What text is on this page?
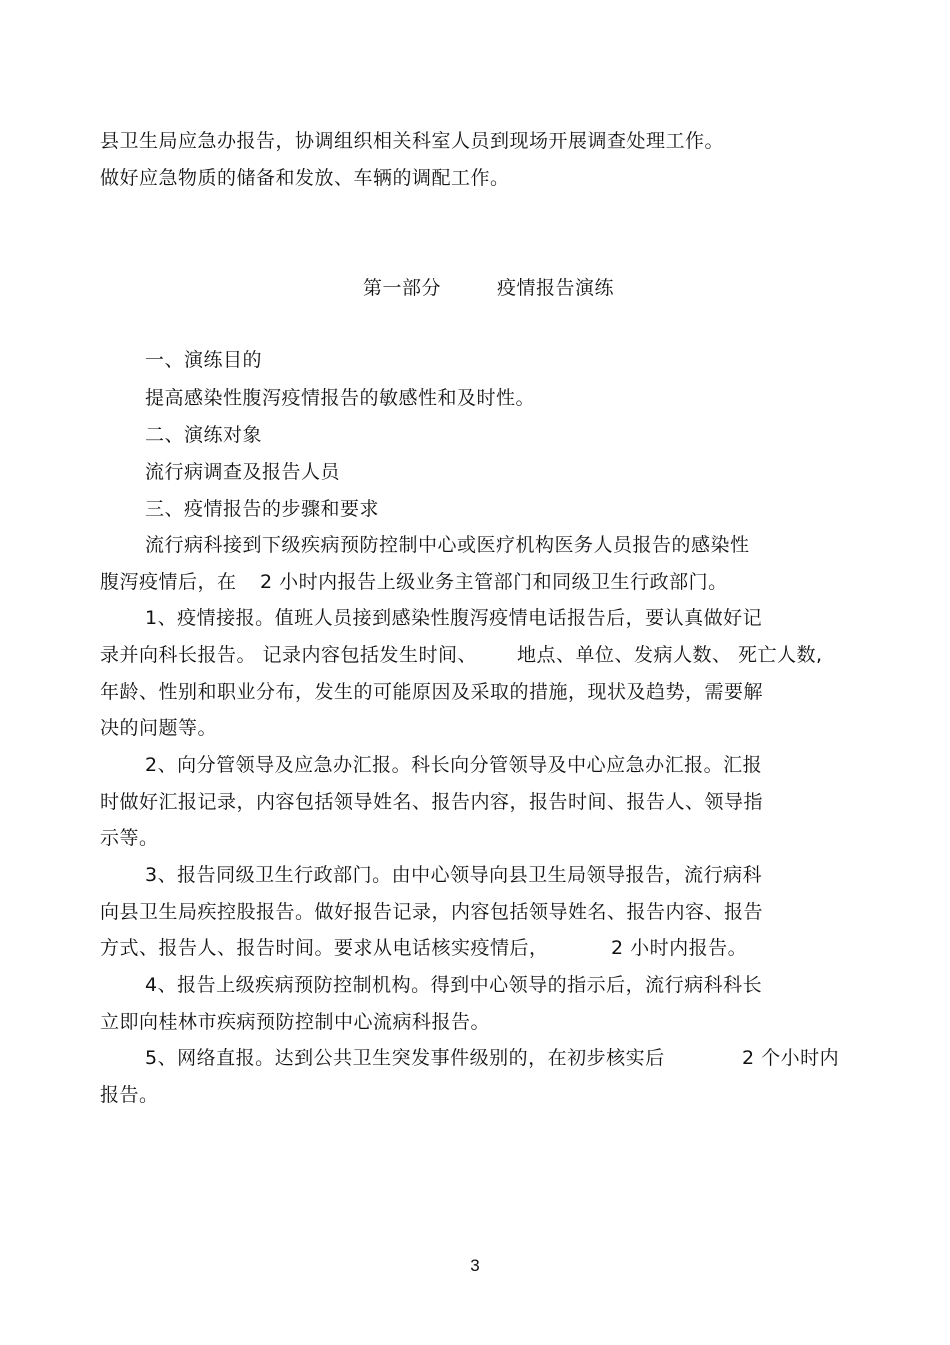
县卫生局应急办报告，协调组织相关科室人员到现场开展调查处理工作。
做好应急物质的储备和发放、车辆的调配工作。
第一部分	疫情报告演练
一、演练目的
提高感染性腹泻疫情报告的敏感性和及时性。
二、演练对象
流行病调查及报告人员
三、疫情报告的步骤和要求
流行病科接到下级疾病预防控制中心或医疗机构医务人员报告的感染性
腹泻疫情后，在 2 小时内报告上级业务主管部门和同级卫生行政部门。
1、疫情接报。值班人员接到感染性腹泻疫情电话报告后，要认真做好记
录并向科长报告。 记录内容包括发生时间、 地点、单位、发病人数、 死亡人数,
年龄、性别和职业分布，发生的可能原因及采取的措施，现状及趋势，需要解
决的问题等。
2、向分管领导及应急办汇报。科长向分管领导及中心应急办汇报。汇报
时做好汇报记录，内容包括领导姓名、报告内容，报告时间、报告人、领导指
示等。
3、报告同级卫生行政部门。由中心领导向县卫生局领导报告，流行病科
向县卫生局疾控股报告。做好报告记录，内容包括领导姓名、报告内容、报告
方式、报告人、报告时间。要求从电话核实疫情后，	2 小时内报告。
4、报告上级疾病预防控制机构。得到中心领导的指示后，流行病科科长
立即向桂林市疾病预防控制中心流病科报告。
5、网络直报。达到公共卫生突发事件级别的，在初步核实后	2 个小时内
报告。
3
